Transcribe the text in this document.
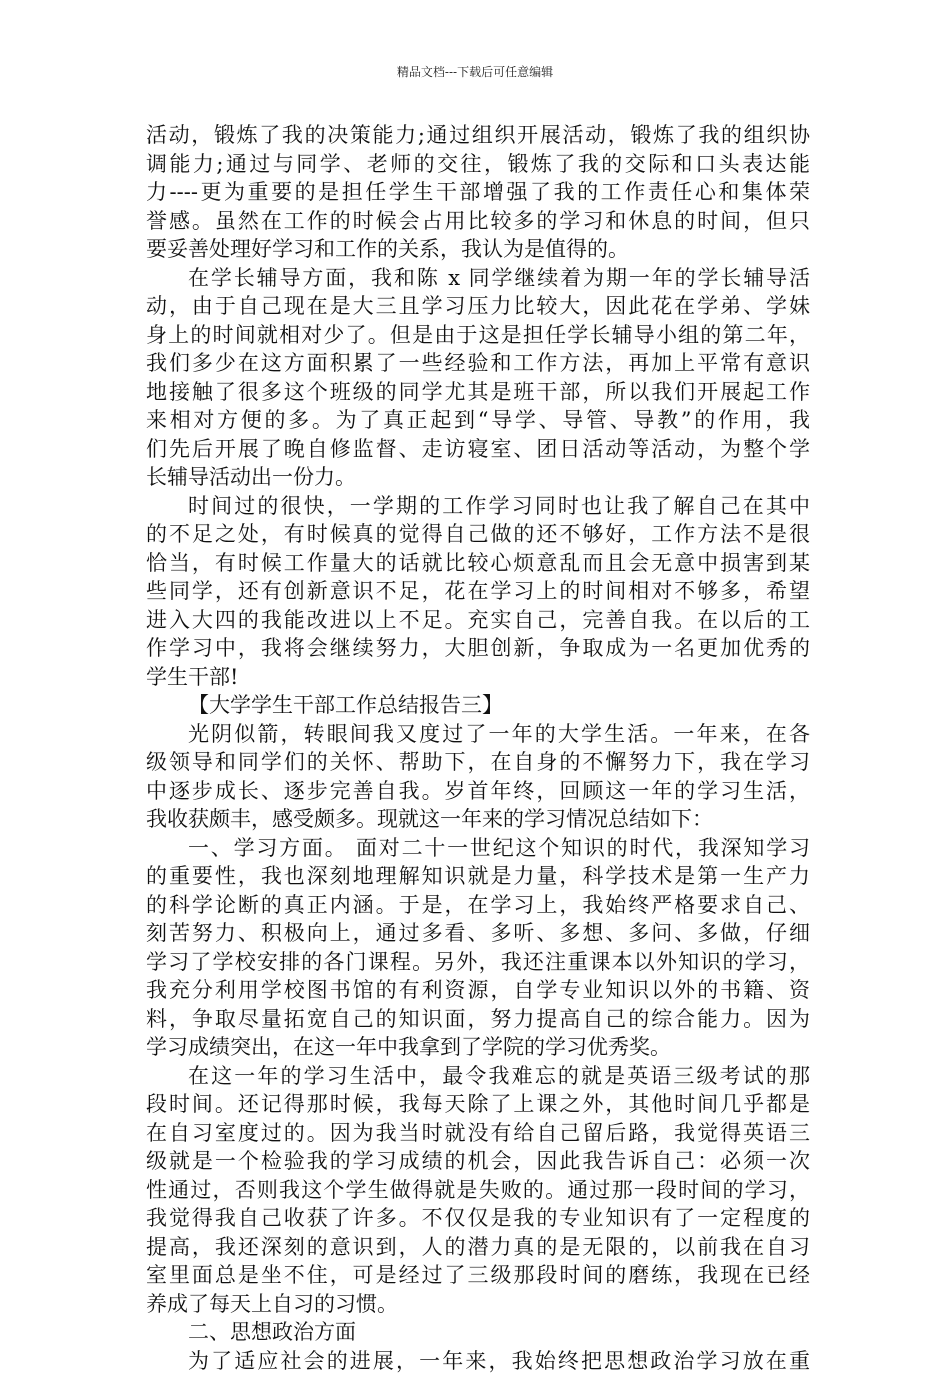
精品文档---下载后可任意编辑
活动，锻炼了我的决策能力;通过组织开展活动，锻炼了我的组织协
调能力;通过与同学、老师的交往，锻炼了我的交际和口头表达能
力----更为重要的是担任学生干部增强了我的工作责任心和集体荣
誉感。虽然在工作的时候会占用比较多的学习和休息的时间，但只
要妥善处理好学习和工作的关系，我认为是值得的。
在学长辅导方面，我和陈 x 同学继续着为期一年的学长辅导活
动，由于自己现在是大三且学习压力比较大，因此花在学弟、学妹
身上的时间就相对少了。但是由于这是担任学长辅导小组的第二年，
我们多少在这方面积累了一些经验和工作方法，再加上平常有意识
地接触了很多这个班级的同学尤其是班干部，所以我们开展起工作
来相对方便的多。为了真正起到“导学、导管、导教”的作用，我
们先后开展了晚自修监督、走访寝室、团日活动等活动，为整个学
长辅导活动出一份力。
时间过的很快，一学期的工作学习同时也让我了解自己在其中
的不足之处，有时候真的觉得自己做的还不够好，工作方法不是很
恰当，有时候工作量大的话就比较心烦意乱而且会无意中损害到某
些同学，还有创新意识不足，花在学习上的时间相对不够多，希望
进入大四的我能改进以上不足。充实自己，完善自我。在以后的工
作学习中，我将会继续努力，大胆创新，争取成为一名更加优秀的
学生干部!
【大学学生干部工作总结报告三】
光阴似箭，转眼间我又度过了一年的大学生活。一年来，在各
级领导和同学们的关怀、帮助下，在自身的不懈努力下，我在学习
中逐步成长、逐步完善自我。岁首年终，回顾这一年的学习生活，
我收获颇丰，感受颇多。现就这一年来的学习情况总结如下：
一、学习方面。 面对二十一世纪这个知识的时代，我深知学习
的重要性，我也深刻地理解知识就是力量，科学技术是第一生产力
的科学论断的真正内涵。于是，在学习上，我始终严格要求自己、
刻苦努力、积极向上，通过多看、多听、多想、多问、多做，仔细
学习了学校安排的各门课程。另外，我还注重课本以外知识的学习，
我充分利用学校图书馆的有利资源，自学专业知识以外的书籍、资
料，争取尽量拓宽自己的知识面，努力提高自己的综合能力。因为
学习成绩突出，在这一年中我拿到了学院的学习优秀奖。
在这一年的学习生活中，最令我难忘的就是英语三级考试的那
段时间。还记得那时候，我每天除了上课之外，其他时间几乎都是
在自习室度过的。因为我当时就没有给自己留后路，我觉得英语三
级就是一个检验我的学习成绩的机会，因此我告诉自己：必须一次
性通过，否则我这个学生做得就是失败的。通过那一段时间的学习，
我觉得我自己收获了许多。不仅仅是我的专业知识有了一定程度的
提高，我还深刻的意识到，人的潜力真的是无限的，以前我在自习
室里面总是坐不住，可是经过了三级那段时间的磨练，我现在已经
养成了每天上自习的习惯。
二、思想政治方面
为了适应社会的进展，一年来，我始终把思想政治学习放在重
